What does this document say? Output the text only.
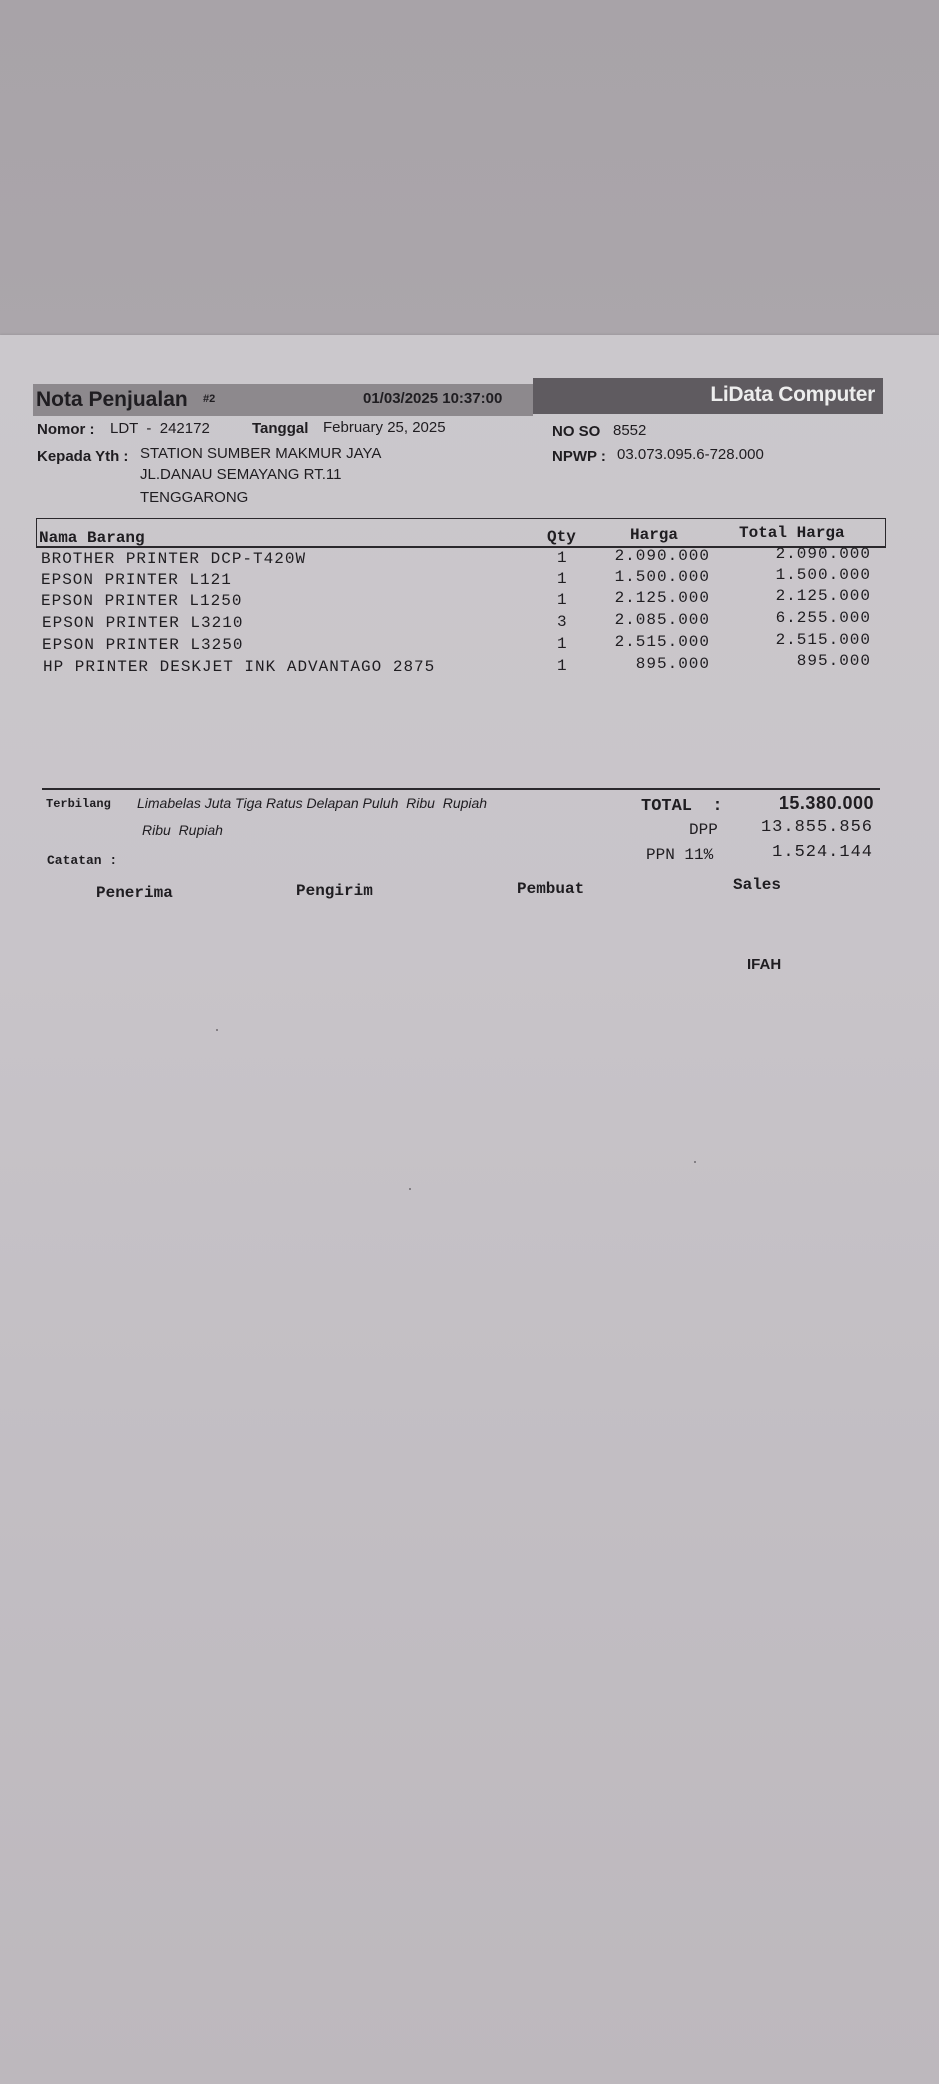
LiData Computer
Nota Penjualan #2	01/03/2025 10:37:00
Nomor : LDT  -  242172	Tanggal February 25, 2025	NO SO 8552
Kepada Yth : STATION SUMBER MAKMUR JAYA
JL.DANAU SEMAYANG RT.11
TENGGARONG
NPWP : 03.073.095.6-728.000
Nama Barang	Qty	Harga	Total Harga
BROTHER PRINTER DCP-T420W	1	2.090.000	2.090.000
EPSON PRINTER L121	1	1.500.000	1.500.000
EPSON PRINTER L1250	1	2.125.000	2.125.000
EPSON PRINTER L3210	3	2.085.000	6.255.000
EPSON PRINTER L3250	1	2.515.000	2.515.000
HP PRINTER DESKJET INK ADVANTAGO 2875	1	895.000	895.000
Terbilang Limabelas Juta Tiga Ratus Delapan Puluh  Ribu  Rupiah
Ribu  Rupiah
TOTAL  :	15.380.000
DPP	13.855.856
PPN 11%	1.524.144
Catatan :
Penerima	Pengirim	Pembuat	Sales
IFAH
